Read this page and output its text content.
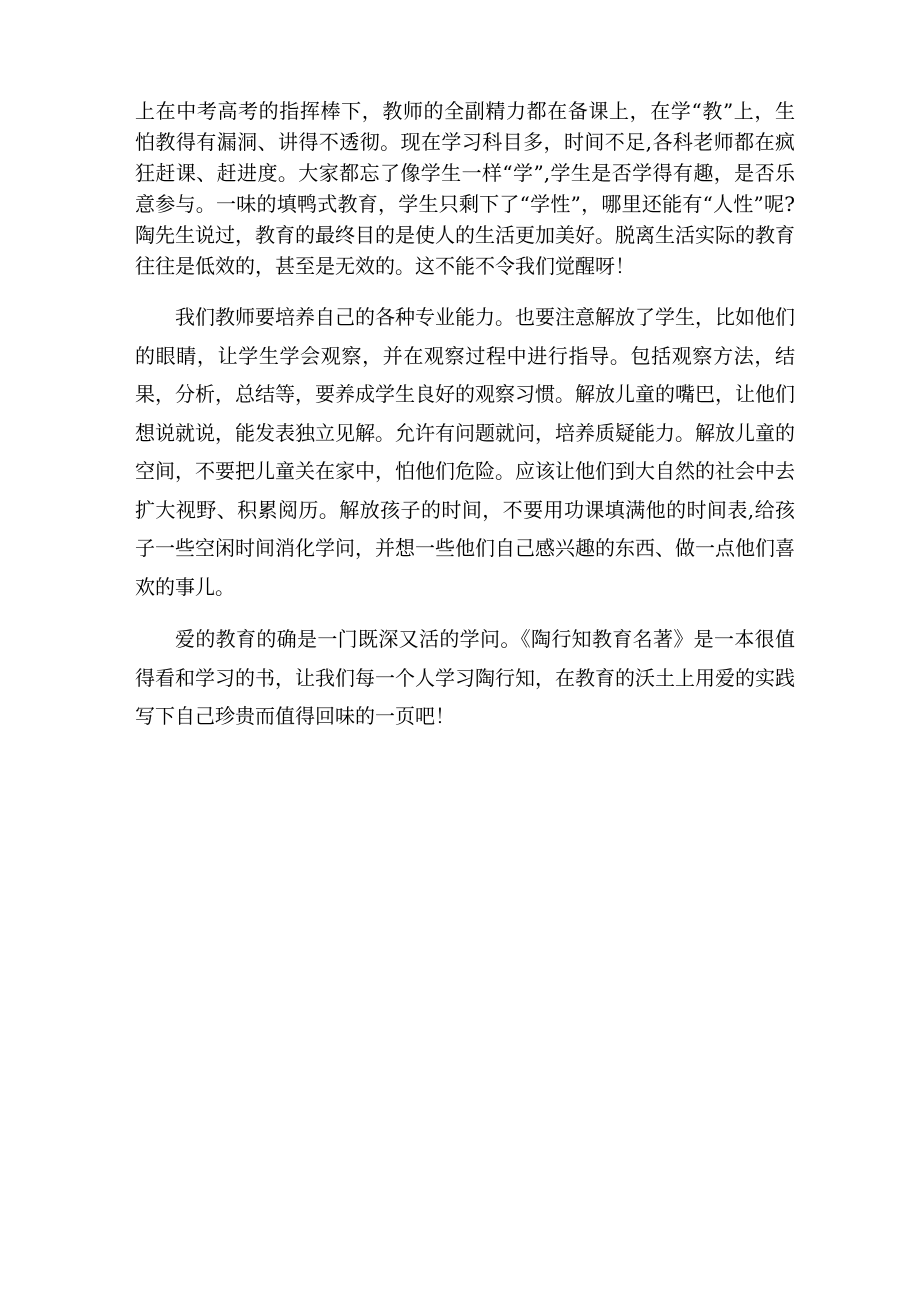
上在中考高考的指挥棒下，教师的全副精力都在备课上，在学“教”上，生怕教得有漏洞、讲得不透彻。现在学习科目多，时间不足,各科老师都在疯狂赶课、赶进度。大家都忘了像学生一样“学”,学生是否学得有趣，是否乐意参与。一味的填鸭式教育，学生只剩下了“学性”，哪里还能有“人性”呢?陶先生说过，教育的最终目的是使人的生活更加美好。脱离生活实际的教育往往是低效的，甚至是无效的。这不能不令我们觉醒呀！

我们教师要培养自己的各种专业能力。也要注意解放了学生，比如他们的眼睛，让学生学会观察，并在观察过程中进行指导。包括观察方法，结果，分析，总结等，要养成学生良好的观察习惯。解放儿童的嘴巴，让他们想说就说，能发表独立见解。允许有问题就问，培养质疑能力。解放儿童的空间，不要把儿童关在家中，怕他们危险。应该让他们到大自然的社会中去扩大视野、积累阅历。解放孩子的时间，不要用功课填满他的时间表,给孩子一些空闲时间消化学问，并想一些他们自己感兴趣的东西、做一点他们喜欢的事儿。

爱的教育的确是一门既深又活的学问。《陶行知教育名著》是一本很值得看和学习的书，让我们每一个人学习陶行知，在教育的沃土上用爱的实践写下自己珍贵而值得回味的一页吧！
